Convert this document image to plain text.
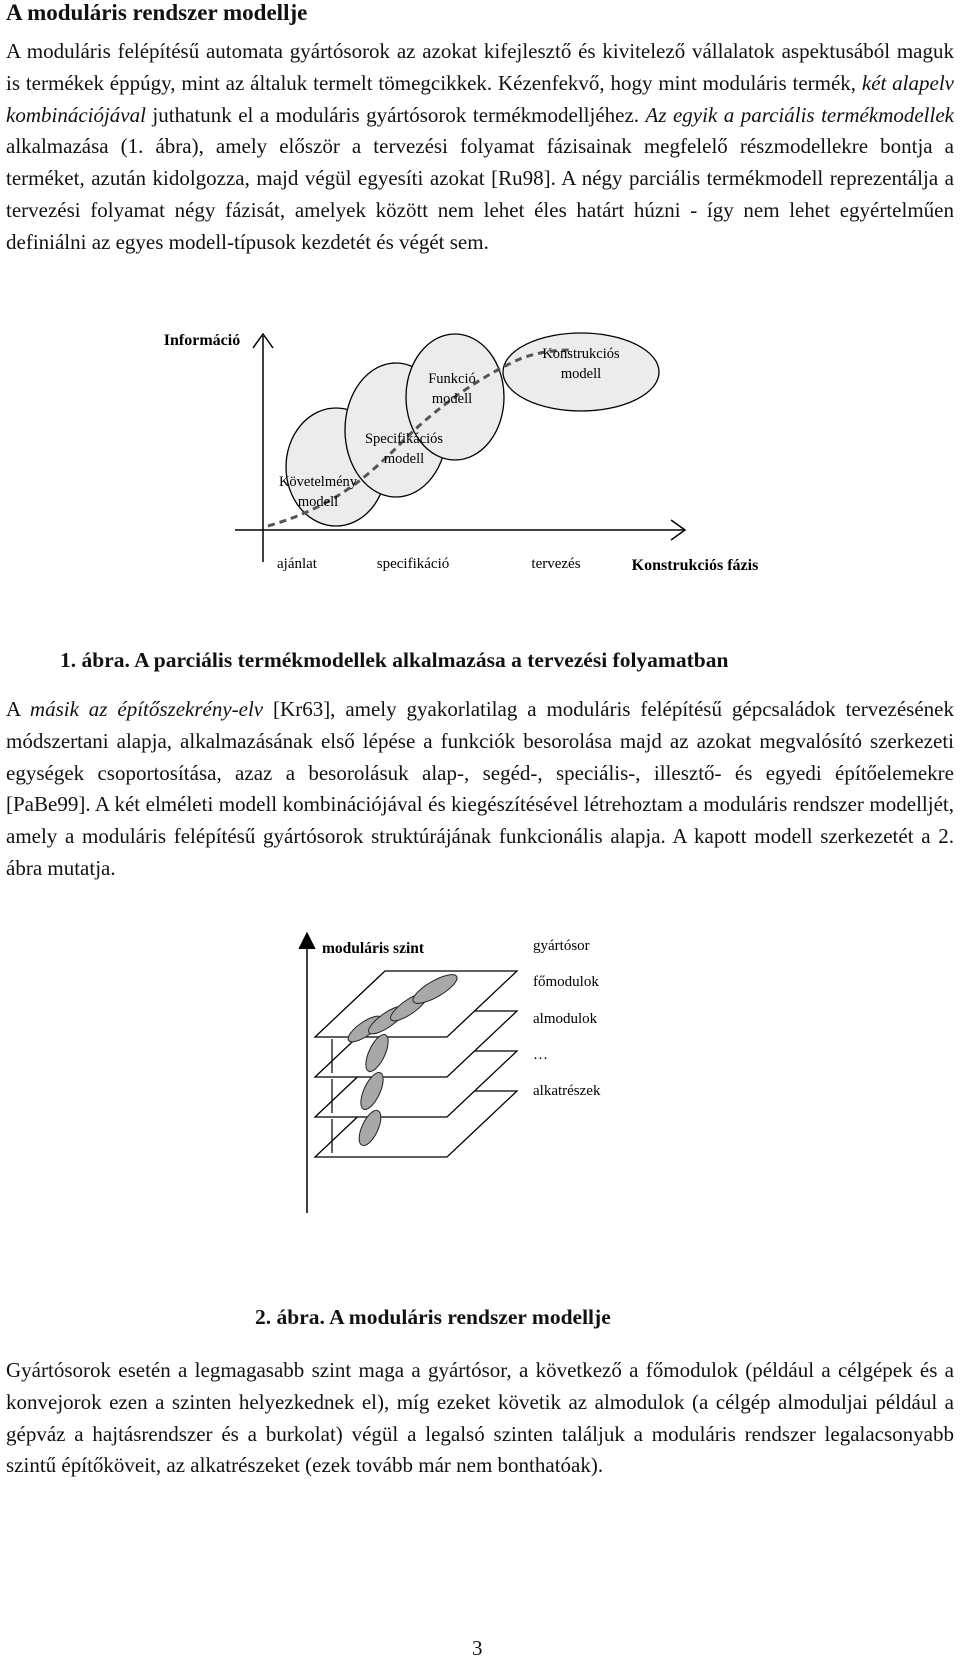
A moduláris rendszer modellje

A moduláris felépítésű automata gyártósorok az azokat kifejlesztő és kivitelező vállalatok aspektusából maguk is termékek éppúgy, mint az általuk termelt tömegcikkek. Kézenfekvő, hogy mint moduláris termék, két alapelv kombinációjával juthatunk el a moduláris gyártósorok termékmodelljéhez. Az egyik a parciális termékmodellek alkalmazása (1. ábra), amely először a tervezési folyamat fázisainak megfelelő részmodellekre bontja a terméket, azután kidolgozza, majd végül egyesíti azokat [Ru98]. A négy parciális termékmodell reprezentálja a tervezési folyamat négy fázisát, amelyek között nem lehet éles határt húzni - így nem lehet egyértelműen definiálni az egyes modell-típusok kezdetét és végét sem.

Információ
Követelmény
modell
Specifikációs
modell
Funkció
modell
Konstrukciós
modell
ajánlat	specifikáció	tervezés	Konstrukciós fázis

1. ábra. A parciális termékmodellek alkalmazása a tervezési folyamatban

A másik az építőszekrény-elv [Kr63], amely gyakorlatilag a moduláris felépítésű gépcsaládok tervezésének módszertani alapja, alkalmazásának első lépése a funkciók besorolása majd az azokat megvalósító szerkezeti egységek csoportosítása, azaz a besorolásuk alap-, segéd-, speciális-, illesztő- és egyedi építőelemekre [PaBe99]. A két elméleti modell kombinációjával és kiegészítésével létrehoztam a moduláris rendszer modelljét, amely a moduláris felépítésű gyártósorok struktúrájának funkcionális alapja. A kapott modell szerkezetét a 2. ábra mutatja.

moduláris szint	gyártósor
főmodulok
almodulok
…
alkatrészek

2. ábra. A moduláris rendszer modellje

Gyártósorok esetén a legmagasabb szint maga a gyártósor, a következő a főmodulok (például a célgépek és a konvejorok ezen a szinten helyezkednek el), míg ezeket követik az almodulok (a célgép almoduljai például a gépváz a hajtásrendszer és a burkolat) végül a legalsó szinten találjuk a moduláris rendszer legalacsonyabb szintű építőköveit, az alkatrészeket (ezek tovább már nem bonthatóak).

3
